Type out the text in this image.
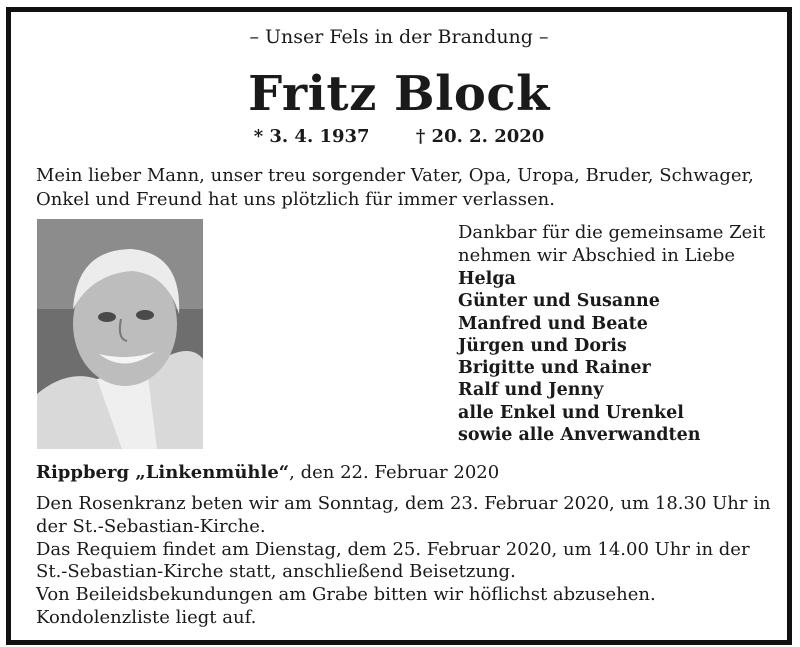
– Unser Fels in der Brandung –
Fritz Block
* 3. 4. 1937	† 20. 2. 2020
Mein lieber Mann, unser treu sorgender Vater, Opa, Uropa, Bruder, Schwager, Onkel und Freund hat uns plötzlich für immer verlassen.
Dankbar für die gemeinsame Zeit nehmen wir Abschied in Liebe
Helga
Günter und Susanne
Manfred und Beate
Jürgen und Doris
Brigitte und Rainer
Ralf und Jenny
alle Enkel und Urenkel
sowie alle Anverwandten
Rippberg „Linkenmühle“, den 22. Februar 2020

Den Rosenkranz beten wir am Sonntag, dem 23. Februar 2020, um 18.30 Uhr in der St.-Sebastian-Kirche.

Das Requiem findet am Dienstag, dem 25. Februar 2020, um 14.00 Uhr in der St.-Sebastian-Kirche statt, anschließend Beisetzung.

Von Beileidsbekundungen am Grabe bitten wir höflichst abzusehen.

Kondolenzliste liegt auf.
